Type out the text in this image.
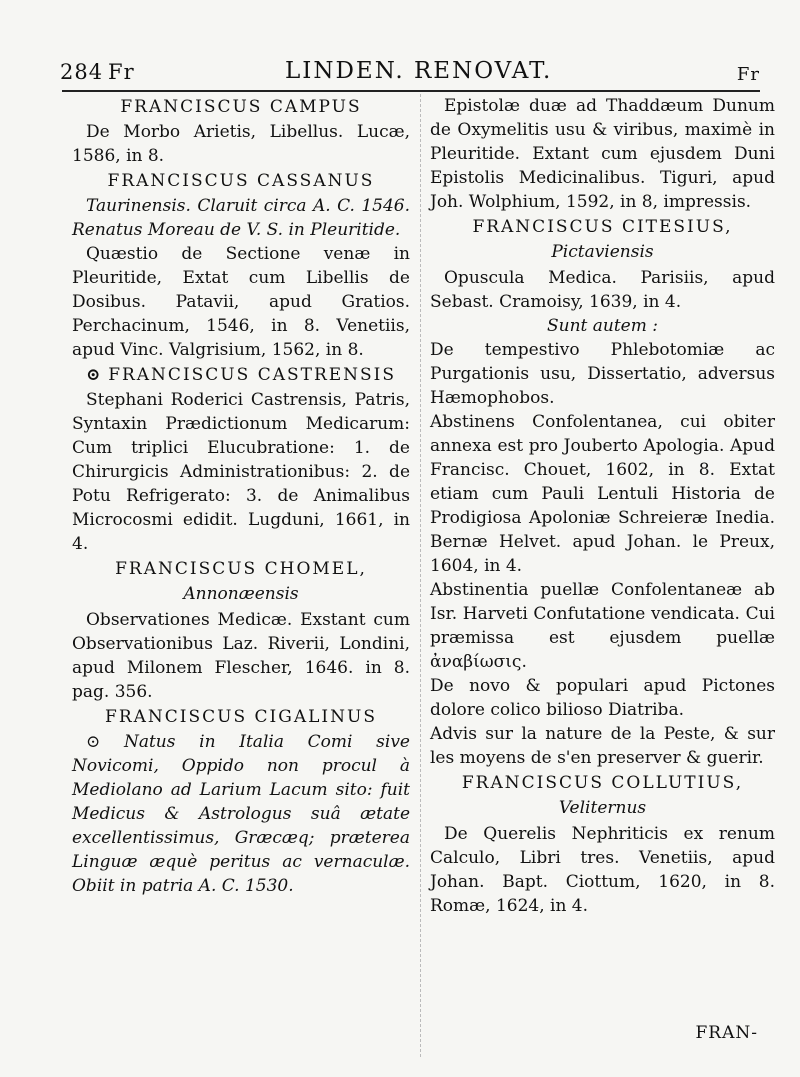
284 Fr	LINDEN. RENOVAT.	Fr
FRANCISCUS CAMPUS
De Morbo Arietis, Libellus. Lucæ, 1586, in 8.
FRANCISCUS CASSANUS
Taurinensis. Claruit circa A. C. 1546. Renatus Moreau de V. S. in Pleuritide.
Quæstio de Sectione venæ in Pleuritide, Extat cum Libellis de Dosibus. Patavii, apud Gratios. Perchacinum, 1546, in 8. Venetiis, apud Vinc. Valgrisium, 1562, in 8.
⊙ FRANCISCUS CASTRENSIS
Stephani Roderici Castrensis, Patris, Syntaxin Prædictionum Medicarum: Cum triplici Elucubratione: 1. de Chirurgicis Administrationibus: 2. de Potu Refrigerato: 3. de Animalibus Microcosmi edidit. Lugduni, 1661, in 4.
FRANCISCUS CHOMEL,
Annonæensis
Observationes Medicæ. Exstant cum Observationibus Laz. Riverii, Londini, apud Milonem Flescher, 1646. in 8. pag. 356.
FRANCISCUS CIGALINUS
⊙ Natus in Italia Comi sive Novicomi, Oppido non procul à Mediolano ad Larium Lacum sito: fuit Medicus & Astrologus suâ ætate excellentissimus, Græcæq; præterea Linguæ æquè peritus ac vernaculæ. Obiit in patria A. C. 1530.
Epistolæ duæ ad Thaddæum Dunum de Oxymelitis usu & viribus, maximè in Pleuritide. Extant cum ejusdem Duni Epistolis Medicinalibus. Tiguri, apud Joh. Wolphium, 1592, in 8, impressis.
FRANCISCUS CITESIUS,
Pictaviensis
Opuscula Medica. Parisiis, apud Sebast. Cramoisy, 1639, in 4.
Sunt autem :
De tempestivo Phlebotomiæ ac Purgationis usu, Dissertatio, adversus Hæmophobos.
Abstinens Confolentanea, cui obiter annexa est pro Jouberto Apologia. Apud Francisc. Chouet, 1602, in 8. Extat etiam cum Pauli Lentuli Historia de Prodigiosa Apoloniæ Schreieræ Inedia. Bernæ Helvet. apud Johan. le Preux, 1604, in 4.
Abstinentia puellæ Confolentaneæ ab Isr. Harveti Confutatione vendicata. Cui præmissa est ejusdem puellæ ἀναβίωσις.
De novo & populari apud Pictones dolore colico bilioso Diatriba.
Advis sur la nature de la Peste, & sur les moyens de s'en preserver & guerir.
FRANCISCUS COLLUTIUS,
Veliternus
De Querelis Nephriticis ex renum Calculo, Libri tres. Venetiis, apud Johan. Bapt. Ciottum, 1620, in 8. Romæ, 1624, in 4.
FRAN-
